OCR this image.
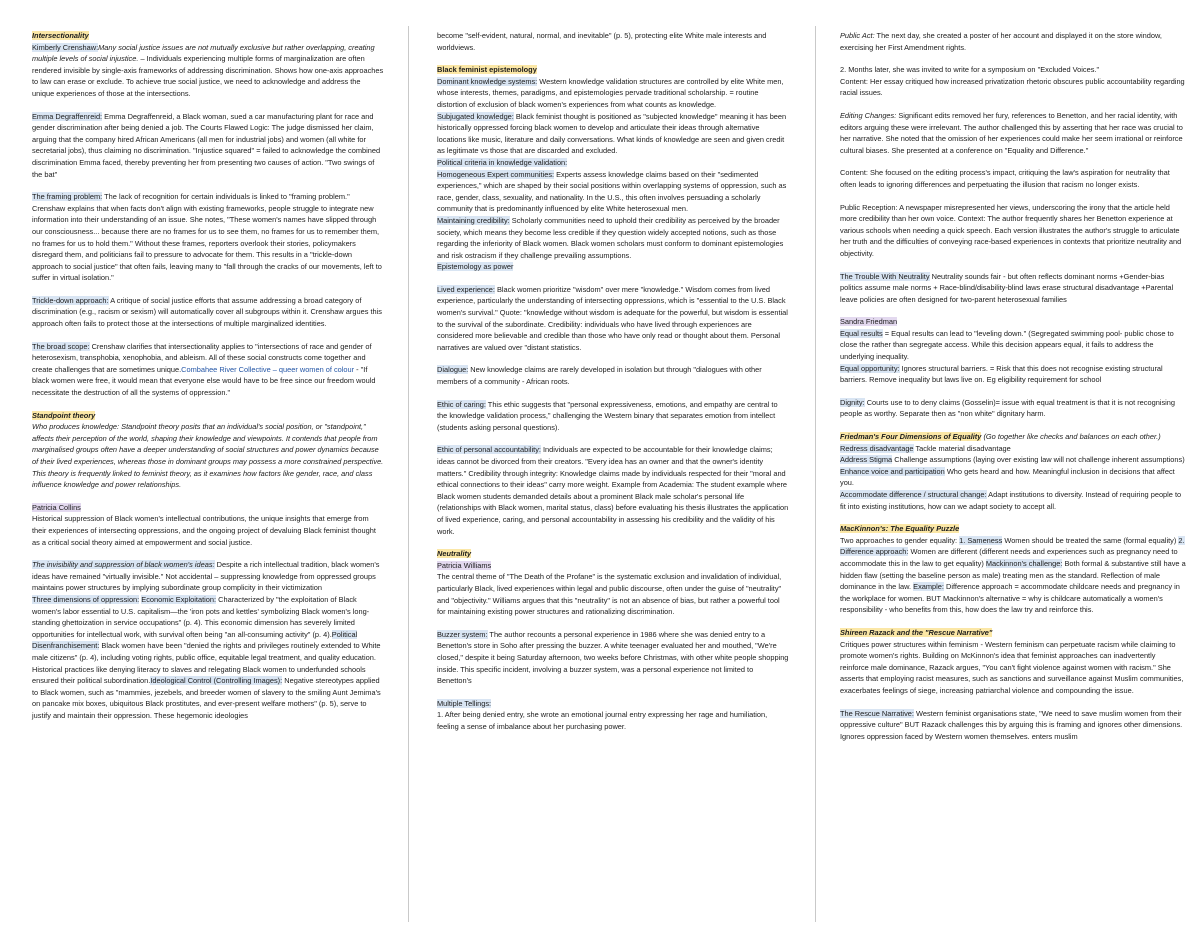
Intersectionality
Kimberly Crenshaw:Many social justice issues are not mutually exclusive but rather overlapping, creating multiple levels of social injustice. – Individuals experiencing multiple forms of marginalization are often rendered invisible by single-axis frameworks of addressing discrimination. Shows how one-axis approaches to law can erase or exclude. To achieve true social justice, we need to acknowledge and address the unique experiences of those at the intersections.

Emma Degraffenreid: Emma Degraffenreid, a Black woman, sued a car manufacturing plant for race and gender discrimination after being denied a job. The Courts Flawed Logic: The judge dismissed her claim, arguing that the company hired African Americans (all men for industrial jobs) and women (all white for secretarial jobs), thus claiming no discrimination. "Injustice squared" = failed to acknowledge the combined discrimination Emma faced, thereby preventing her from presenting two causes of action. "Two swings of the bat"

The framing problem: The lack of recognition for certain individuals is linked to "framing problem." Crenshaw explains that when facts don't align with existing frameworks, people struggle to integrate new information into their understanding of an issue. She notes, "These women's names have slipped through our consciousness... because there are no frames for us to see them, no frames for us to remember them, no frames for us to hold them." Without these frames, reporters overlook their stories, policymakers disregard them, and politicians fail to pressure to advocate for them. This results in a "trickle-down approach to social justice" that often fails, leaving many to "fall through the cracks of our movements, left to suffer in virtual isolation."

Trickle-down approach: A critique of social justice efforts that assume addressing a broad category of discrimination (e.g., racism or sexism) will automatically cover all subgroups within it. Crenshaw argues this approach often fails to protect those at the intersections of multiple marginalized identities.

The broad scope: Crenshaw clarifies that intersectionality applies to "intersections of race and gender of heterosexism, transphobia, xenophobia, and ableism. All of these social constructs come together and create challenges that are sometimes unique.Combahee River Collective – queer women of colour - "If black women were free, it would mean that everyone else would have to be free since our freedom would necessitate the destruction of all the systems of oppression."

Standpoint theory
Who produces knowledge: Standpoint theory posits that an individual's social position, or "standpoint," affects their perception of the world, shaping their knowledge and viewpoints. It contends that people from marginalised groups often have a deeper understanding of social structures and power dynamics because of their lived experiences, whereas those in dominant groups may possess a more constrained perspective. This theory is frequently linked to feminist theory, as it examines how factors like gender, race, and class influence knowledge and power relationships.

Patricia Collins
Historical suppression of Black women's intellectual contributions, the unique insights that emerge from their experiences of intersecting oppressions, and the ongoing project of devaluing Black feminist thought as a critical social theory aimed at empowerment and social justice.

The invisibility and suppression of black women's ideas: Despite a rich intellectual tradition, black women's ideas have remained "virtually invisible." Not accidental – suppressing knowledge from oppressed groups maintains power structures by implying subordinate group complicity in their victimization
Three dimensions of oppression: Economic Exploitation: Characterized by "the exploitation of Black women's labor essential to U.S. capitalism—the 'iron pots and kettles' symbolizing Black women's long-standing ghettoization in service occupations" (p. 4). This economic dimension has severely limited opportunities for intellectual work, with survival often being "an all-consuming activity" (p. 4).Political Disenfranchisement: Black women have been "denied the rights and privileges routinely extended to White male citizens" (p. 4), including voting rights, public office, equitable legal treatment, and quality education. Historical practices like denying literacy to slaves and relegating Black women to underfunded schools ensured their political subordination.Ideological Control (Controlling Images): Negative stereotypes applied to Black women, such as "mammies, jezebels, and breeder women of slavery to the smiling Aunt Jemima's on pancake mix boxes, ubiquitous Black prostitutes, and ever-present welfare mothers" (p. 5), serve to justify and maintain their oppression. These hegemonic ideologies

become "self-evident, natural, normal, and inevitable" (p. 5), protecting elite White male interests and worldviews.

Black feminist epistemology
Dominant knowledge systems: Western knowledge validation structures are controlled by elite White men, whose interests, themes, paradigms, and epistemologies pervade traditional scholarship. = routine distortion of exclusion of black women's experiences from what counts as knowledge.
Subjugated knowledge: Black feminist thought is positioned as "subjected knowledge" meaning it has been historically oppressed forcing black women to develop and articulate their ideas through alternative locations like music, literature and daily conversations. What kinds of knowledge are seen and given credit as legitimate vs those that are discarded and excluded.
Political criteria in knowledge validation:
Homogeneous Expert communities: Experts assess knowledge claims based on their "sedimented experiences," which are shaped by their social positions within overlapping systems of oppression, such as race, gender, class, sexuality, and nationality. In the U.S., this often involves persuading a scholarly community that is predominantly influenced by elite White heterosexual men.
Maintaining credibility: Scholarly communities need to uphold their credibility as perceived by the broader society, which means they become less credible if they question widely accepted notions, such as those regarding the inferiority of Black women. Black women scholars must conform to dominant epistemologies and risk ostracism if they challenge prevailing assumptions.
Epistemology as power

Lived experience: Black women prioritize "wisdom" over mere "knowledge." Wisdom comes from lived experience, particularly the understanding of intersecting oppressions, which is "essential to the U.S. Black women's survival." Quote: "knowledge without wisdom is adequate for the powerful, but wisdom is essential to the survival of the subordinate. Credibility: individuals who have lived through experiences are considered more believable and credible than those who have only read or thought about them. Personal narratives are valued over "distant statistics.

Dialogue: New knowledge claims are rarely developed in isolation but through "dialogues with other members of a community - African roots.

Ethic of caring: This ethic suggests that "personal expressiveness, emotions, and empathy are central to the knowledge validation process," challenging the Western binary that separates emotion from intellect (students asking personal questions).

Ethic of personal accountability: Individuals are expected to be accountable for their knowledge claims; ideas cannot be divorced from their creators. "Every idea has an owner and that the owner's identity matters." Credibility through integrity: Knowledge claims made by individuals respected for their "moral and ethical connections to their ideas" carry more weight. Example from Academia: The student example where Black women students demanded details about a prominent Black male scholar's personal life (relationships with Black women, marital status, class) before evaluating his thesis illustrates the application of lived experience, caring, and personal accountability in assessing his credibility and the validity of his work.

Neutrality
Patricia Williams
The central theme of "The Death of the Profane" is the systematic exclusion and invalidation of individual, particularly Black, lived experiences within legal and public discourse, often under the guise of "neutrality" and "objectivity." Williams argues that this "neutrality" is not an absence of bias, but rather a powerful tool for maintaining existing power structures and rationalizing discrimination.

Buzzer system: The author recounts a personal experience in 1986 where she was denied entry to a Benetton's store in Soho after pressing the buzzer. A white teenager evaluated her and mouthed, "We're closed," despite it being Saturday afternoon, two weeks before Christmas, with other white people shopping inside. This specific incident, involving a buzzer system, was a personal experience not limited to Benetton's

Multiple Tellings:
1. After being denied entry, she wrote an emotional journal entry expressing her rage and humiliation, feeling a sense of imbalance about her purchasing power.

Public Act: The next day, she created a poster of her account and displayed it on the store window, exercising her First Amendment rights.

2. Months later, she was invited to write for a symposium on "Excluded Voices."
Content: Her essay critiqued how increased privatization rhetoric obscures public accountability regarding racial issues.

Editing Changes: Significant edits removed her fury, references to Benetton, and her racial identity, with editors arguing these were irrelevant. The author challenged this by asserting that her race was crucial to her narrative. She noted that the omission of her experiences could make her seem irrational or reinforce cultural biases. She presented at a conference on "Equality and Difference."

Content: She focused on the editing process's impact, critiquing the law's aspiration for neutrality that often leads to ignoring differences and perpetuating the illusion that racism no longer exists.

Public Reception: A newspaper misrepresented her views, underscoring the irony that the article held more credibility than her own voice. Context: The author frequently shares her Benetton experience at various schools when needing a quick speech. Each version illustrates the author's struggle to articulate her truth and the difficulties of conveying race-based experiences in contexts that prioritize neutrality and objectivity.

The Trouble With Neutrality Neutrality sounds fair - but often reflects dominant norms +Gender-bias politics assume male norms + Race-blind/disability-blind laws erase structural disadvantage +Parental leave policies are often designed for two-parent heterosexual families

Sandra Friedman
Equal results = Equal results can lead to "leveling down." (Segregated swimming pool- public chose to close the rather than segregate access. While this decision appears equal, it fails to address the underlying inequality.
Equal opportunity: Ignores structural barriers. = Risk that this does not recognise existing structural barriers. Remove inequality but laws live on. Eg eligibility requirement for school

Dignity: Courts use to to deny claims (Gosselin)= issue with equal treatment is that it is not recognising people as worthy. Separate then as "non white" dignitary harm.

Friedman's Four Dimensions of Equality (Go together like checks and balances on each other.)
Redress disadvantage Tackle material disadvantage
Address Stigma Challenge assumptions (laying over existing law will not challenge inherent assumptions)
Enhance voice and participation Who gets heard and how. Meaningful inclusion in decisions that affect you.
Accommodate difference / structural change: Adapt institutions to diversity. Instead of requiring people to fit into existing institutions, how can we adapt society to accept all.

MacKinnon's: The Equality Puzzle
Two approaches to gender equality: 1. Sameness Women should be treated the same (formal equality) 2. Difference approach: Women are different (different needs and experiences such as pregnancy need to accommodate this in the law to get equality) Mackinnon's challenge: Both formal & substantive still have a hidden flaw (setting the baseline person as male) treating men as the standard. Reflection of male dominance in the law. Example: Difference approach = accommodate childcare needs and pregnancy in the workplace for women. BUT Mackinnon's alternative = why is childcare automatically a women's responsibility - who benefits from this, how does the law try and reinforce this.

Shireen Razack and the "Rescue Narrative"
Critiques power structures within feminism - Western feminism can perpetuate racism while claiming to promote women's rights. Building on McKinnon's idea that feminist approaches can inadvertently reinforce male dominance, Razack argues, "You can't fight violence against women with racism." She asserts that employing racist measures, such as sanctions and surveillance against Muslim communities, exacerbates feelings of siege, increasing patriarchal violence and compounding the issue.

The Rescue Narrative: Western feminist organisations state, "We need to save muslim women from their oppressive culture" BUT Razack challenges this by arguing this is framing and ignores other dimensions. Ignores oppression faced by Western women themselves. enters muslim
